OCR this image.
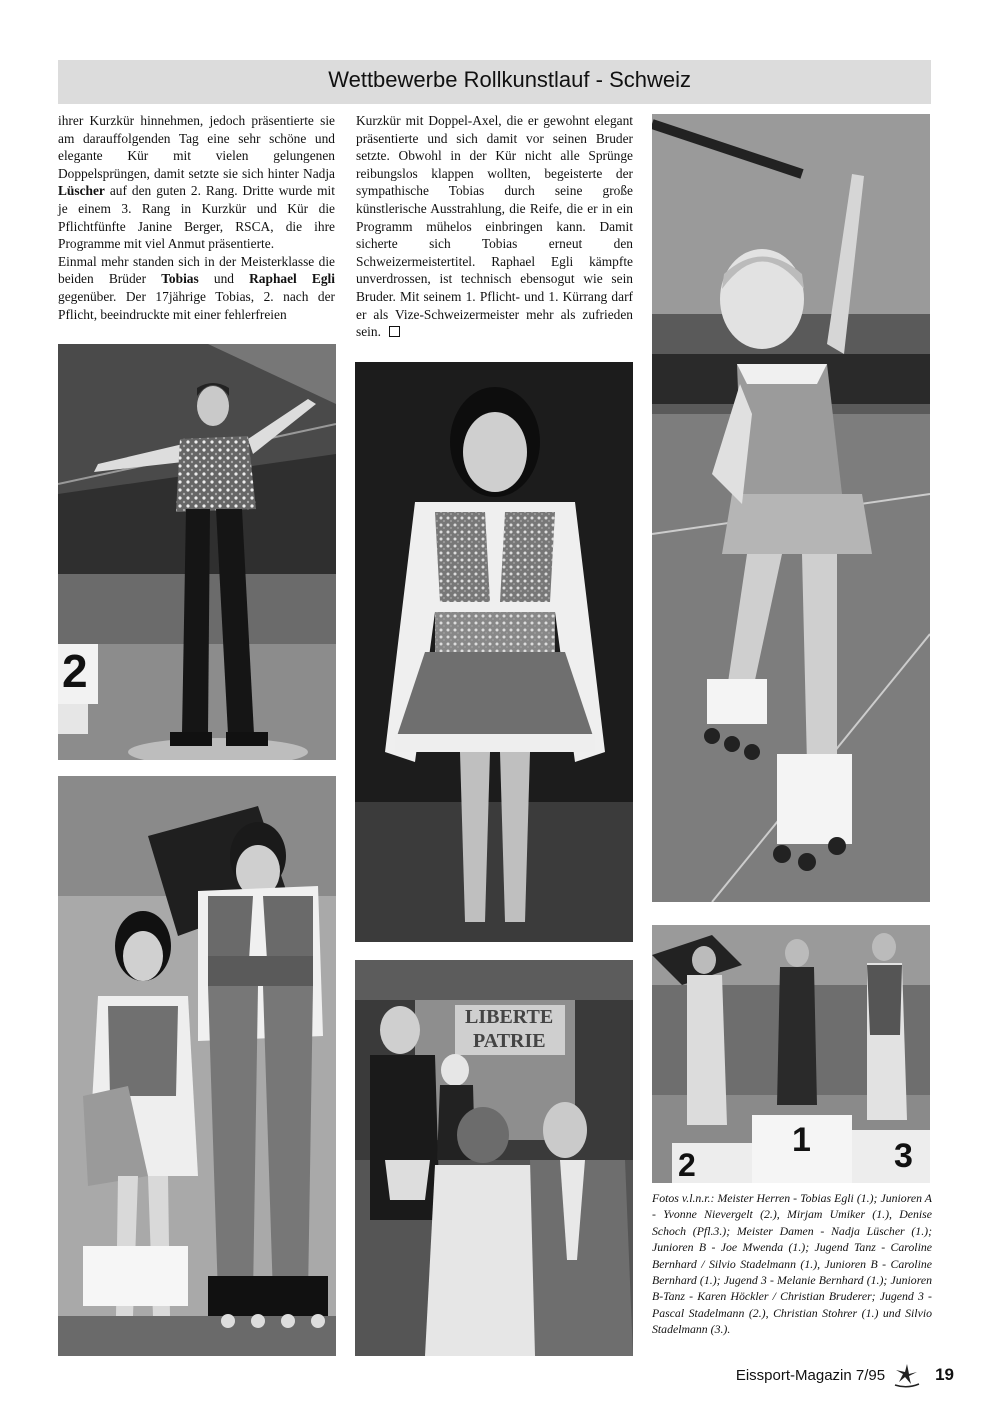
Wettbewerbe Rollkunstlauf - Schweiz

ihrer Kurzkür hinnehmen, jedoch präsentierte sie am darauffolgenden Tag eine sehr schöne und elegante Kür mit vielen gelungenen Doppelsprüngen, damit setzte sie sich hinter Nadja Lüscher auf den guten 2. Rang. Dritte wurde mit je einem 3. Rang in Kurzkür und Kür die Pflichtfünfte Janine Berger, RSCA, die ihre Programme mit viel Anmut präsentierte.

Einmal mehr standen sich in der Meisterklasse die beiden Brüder Tobias und Raphael Egli gegenüber. Der 17jährige Tobias, 2. nach der Pflicht, beeindruckte mit einer fehlerfreien

Kurzkür mit Doppel-Axel, die er gewohnt elegant präsentierte und sich damit vor seinen Bruder setzte. Obwohl in der Kür nicht alle Sprünge reibungslos klappen wollten, begeisterte der sympathische Tobias durch seine große künstlerische Ausstrahlung, die Reife, die er in ein Programm mühelos einbringen kann. Damit sicherte sich Tobias erneut den Schweizermeistertitel. Raphael Egli kämpfte unverdrossen, ist technisch ebensogut wie sein Bruder. Mit seinem 1. Pflicht- und 1. Kürrang darf er als Vize-Schweizermeister mehr als zufrieden sein.

2
LIBERTE
PATRIE
2
1 3
Fotos v.l.n.r.: Meister Herren - Tobias Egli (1.); Junioren A - Yvonne Nievergelt (2.), Mirjam Umiker (1.), Denise Schoch (Pfl.3.); Meister Damen - Nadja Lüscher (1.); Junioren B - Joe Mwenda (1.); Jugend Tanz - Caroline Bernhard / Silvio Stadelmann (1.), Junioren B - Caroline Bernhard (1.); Jugend 3 - Melanie Bernhard (1.); Junioren B-Tanz - Karen Höckler / Christian Bruderer; Jugend 3 - Pascal Stadelmann (2.), Christian Stohrer (1.) und Silvio Stadelmann (3.).
Eissport-Magazin 7/95	19
